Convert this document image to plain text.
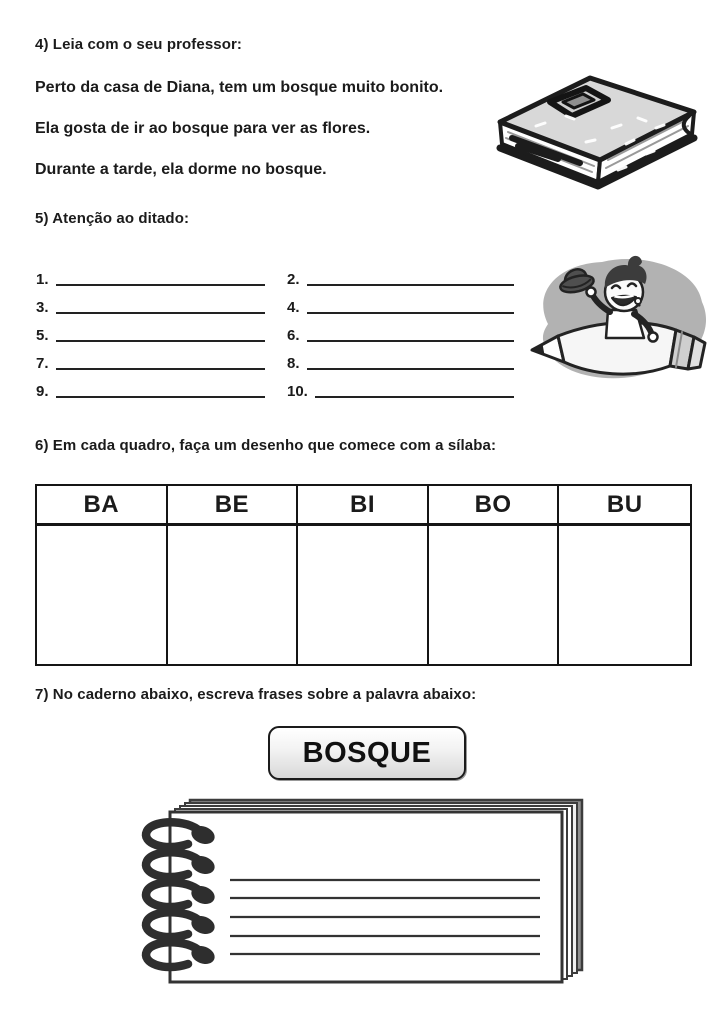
4) Leia com o seu professor:
Perto da casa de Diana, tem um bosque muito bonito.
Ela gosta de ir ao bosque para ver as flores.
Durante a tarde, ela dorme no bosque.
5) Atenção ao ditado:
1.	2.
3.	4.
5.	6.
7.	8.
9.	10.
6) Em cada quadro, faça um desenho que comece com a sílaba:
BA	BE	BI	BO	BU
7) No caderno abaixo, escreva frases sobre a palavra abaixo:
BOSQUE
